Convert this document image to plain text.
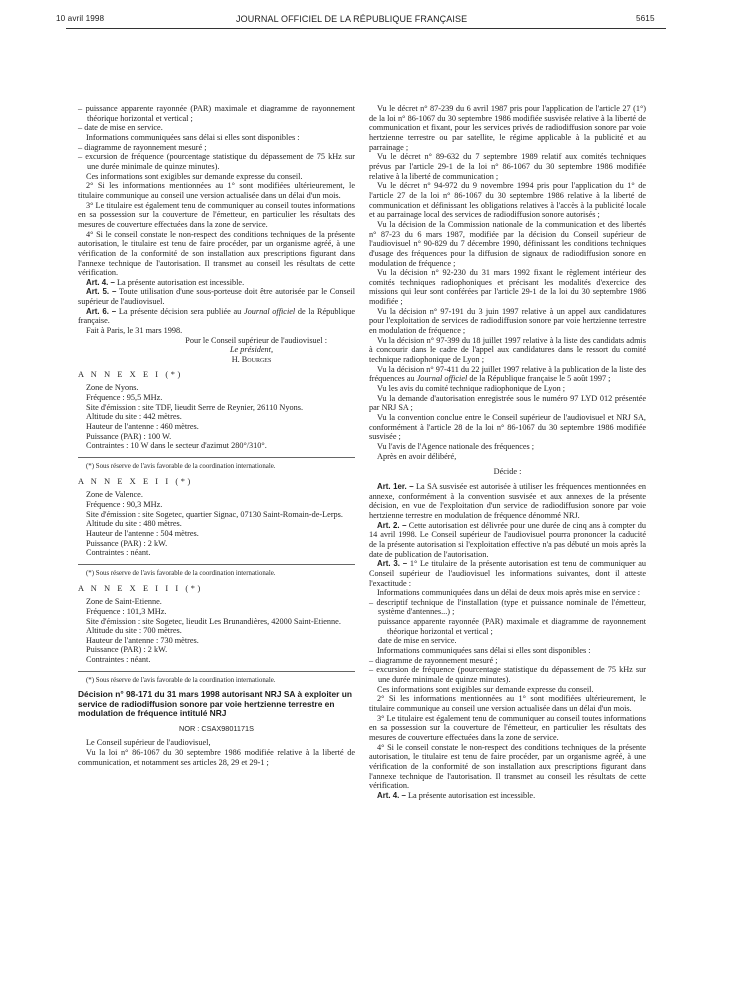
10 avril 1998	JOURNAL OFFICIEL DE LA RÉPUBLIQUE FRANÇAISE	5615

– puissance apparente rayonnée (PAR) maximale et diagramme de rayonnement théorique horizontal et vertical ;

– date de mise en service.

Informations communiquées sans délai si elles sont disponibles :

– diagramme de rayonnement mesuré ;

– excursion de fréquence (pourcentage statistique du dépassement de 75 kHz sur une durée minimale de quinze minutes).

Ces informations sont exigibles sur demande expresse du conseil.

2° Si les informations mentionnées au 1° sont modifiées ultérieurement, le titulaire communique au conseil une version actualisée dans un délai d'un mois.

3° Le titulaire est également tenu de communiquer au conseil toutes informations en sa possession sur la couverture de l'émetteur, en particulier les résultats des mesures de couverture effectuées dans la zone de service.

4° Si le conseil constate le non-respect des conditions techniques de la présente autorisation, le titulaire est tenu de faire procéder, par un organisme agréé, à une vérification de la conformité de son installation aux prescriptions figurant dans l'annexe technique de l'autorisation. Il transmet au conseil les résultats de cette vérification.

Art. 4. – La présente autorisation est incessible.

Art. 5. – Toute utilisation d'une sous-porteuse doit être autorisée par le Conseil supérieur de l'audiovisuel.

Art. 6. – La présente décision sera publiée au Journal officiel de la République française.

Fait à Paris, le 31 mars 1998.

Pour le Conseil supérieur de l'audiovisuel :

Le président,

H. Bourges

A N N E X E I (*)

Zone de Nyons.

Fréquence : 95,5 MHz.

Site d'émission : site TDF, lieudit Serre de Reynier, 26110 Nyons.

Altitude du site : 442 mètres.

Hauteur de l'antenne : 460 mètres.

Puissance (PAR) : 100 W.

Contraintes : 10 W dans le secteur d'azimut 280°/310°.

(*) Sous réserve de l'avis favorable de la coordination internationale.

A N N E X E I I (*)

Zone de Valence.

Fréquence : 90,3 MHz.

Site d'émission : site Sogetec, quartier Signac, 07130 Saint-Romain-de-Lerps.

Altitude du site : 480 mètres.

Hauteur de l'antenne : 504 mètres.

Puissance (PAR) : 2 kW.

Contraintes : néant.

(*) Sous réserve de l'avis favorable de la coordination internationale.

A N N E X E I I I (*)

Zone de Saint-Etienne.

Fréquence : 101,3 MHz.

Site d'émission : site Sogetec, lieudit Les Brunandières, 42000 Saint-Etienne.

Altitude du site : 700 mètres.

Hauteur de l'antenne : 730 mètres.

Puissance (PAR) : 2 kW.

Contraintes : néant.

(*) Sous réserve de l'avis favorable de la coordination internationale.

Décision n° 98-171 du 31 mars 1998 autorisant NRJ SA à exploiter un service de radiodiffusion sonore par voie hertzienne terrestre en modulation de fréquence intitulé NRJ

NOR : CSAX9801171S

Le Conseil supérieur de l'audiovisuel,

Vu la loi n° 86-1067 du 30 septembre 1986 modifiée relative à la liberté de communication, et notamment ses articles 28, 29 et 29-1 ;

Vu le décret n° 87-239 du 6 avril 1987 pris pour l'application de l'article 27 (1°) de la loi n° 86-1067 du 30 septembre 1986 modifiée susvisée relative à la liberté de communication et fixant, pour les services privés de radiodiffusion sonore par voie hertzienne terrestre ou par satellite, le régime applicable à la publicité et au parrainage ;

Vu le décret n° 89-632 du 7 septembre 1989 relatif aux comités techniques prévus par l'article 29-1 de la loi n° 86-1067 du 30 septembre 1986 modifiée relative à la liberté de communication ;

Vu le décret n° 94-972 du 9 novembre 1994 pris pour l'application du 1° de l'article 27 de la loi n° 86-1067 du 30 septembre 1986 relative à la liberté de communication et définissant les obligations relatives à l'accès à la publicité locale et au parrainage local des services de radiodiffusion sonore autorisés ;

Vu la décision de la Commission nationale de la communication et des libertés n° 87-23 du 6 mars 1987, modifiée par la décision du Conseil supérieur de l'audiovisuel n° 90-829 du 7 décembre 1990, définissant les conditions techniques d'usage des fréquences pour la diffusion de signaux de radiodiffusion sonore en modulation de fréquence ;

Vu la décision n° 92-230 du 31 mars 1992 fixant le règlement intérieur des comités techniques radiophoniques et précisant les modalités d'exercice des missions qui leur sont conférées par l'article 29-1 de la loi du 30 septembre 1986 modifiée ;

Vu la décision n° 97-191 du 3 juin 1997 relative à un appel aux candidatures pour l'exploitation de services de radiodiffusion sonore par voie hertzienne terrestre en modulation de fréquence ;

Vu la décision n° 97-399 du 18 juillet 1997 relative à la liste des candidats admis à concourir dans le cadre de l'appel aux candidatures dans le ressort du comité technique radiophonique de Lyon ;

Vu la décision n° 97-411 du 22 juillet 1997 relative à la publication de la liste des fréquences au Journal officiel de la République française le 5 août 1997 ;

Vu les avis du comité technique radiophonique de Lyon ;

Vu la demande d'autorisation enregistrée sous le numéro 97 LYD 012 présentée par NRJ SA ;

Vu la convention conclue entre le Conseil supérieur de l'audiovisuel et NRJ SA, conformément à l'article 28 de la loi n° 86-1067 du 30 septembre 1986 modifiée susvisée ;

Vu l'avis de l'Agence nationale des fréquences ;

Après en avoir délibéré,

Décide :

Art. 1er. – La SA susvisée est autorisée à utiliser les fréquences mentionnées en annexe, conformément à la convention susvisée et aux annexes de la présente décision, en vue de l'exploitation d'un service de radiodiffusion sonore par voie hertzienne terrestre en modulation de fréquence dénommé NRJ.

Art. 2. – Cette autorisation est délivrée pour une durée de cinq ans à compter du 14 avril 1998. Le Conseil supérieur de l'audiovisuel pourra prononcer la caducité de la présente autorisation si l'exploitation effective n'a pas débuté un mois après la date de publication de l'autorisation.

Art. 3. – 1° Le titulaire de la présente autorisation est tenu de communiquer au Conseil supérieur de l'audiovisuel les informations suivantes, dont il atteste l'exactitude :

Informations communiquées dans un délai de deux mois après mise en service :

– descriptif technique de l'installation (type et puissance nominale de l'émetteur, système d'antennes...) ;

puissance apparente rayonnée (PAR) maximale et diagramme de rayonnement théorique horizontal et vertical ;

date de mise en service.

Informations communiquées sans délai si elles sont disponibles :

– diagramme de rayonnement mesuré ;

– excursion de fréquence (pourcentage statistique du dépassement de 75 kHz sur une durée minimale de quinze minutes).

Ces informations sont exigibles sur demande expresse du conseil.

2° Si les informations mentionnées au 1° sont modifiées ultérieurement, le titulaire communique au conseil une version actualisée dans un délai d'un mois.

3° Le titulaire est également tenu de communiquer au conseil toutes informations en sa possession sur la couverture de l'émetteur, en particulier les résultats des mesures de couverture effectuées dans la zone de service.

4° Si le conseil constate le non-respect des conditions techniques de la présente autorisation, le titulaire est tenu de faire procéder, par un organisme agréé, à une vérification de la conformité de son installation aux prescriptions figurant dans l'annexe technique de l'autorisation. Il transmet au conseil les résultats de cette vérification.

Art. 4. – La présente autorisation est incessible.
